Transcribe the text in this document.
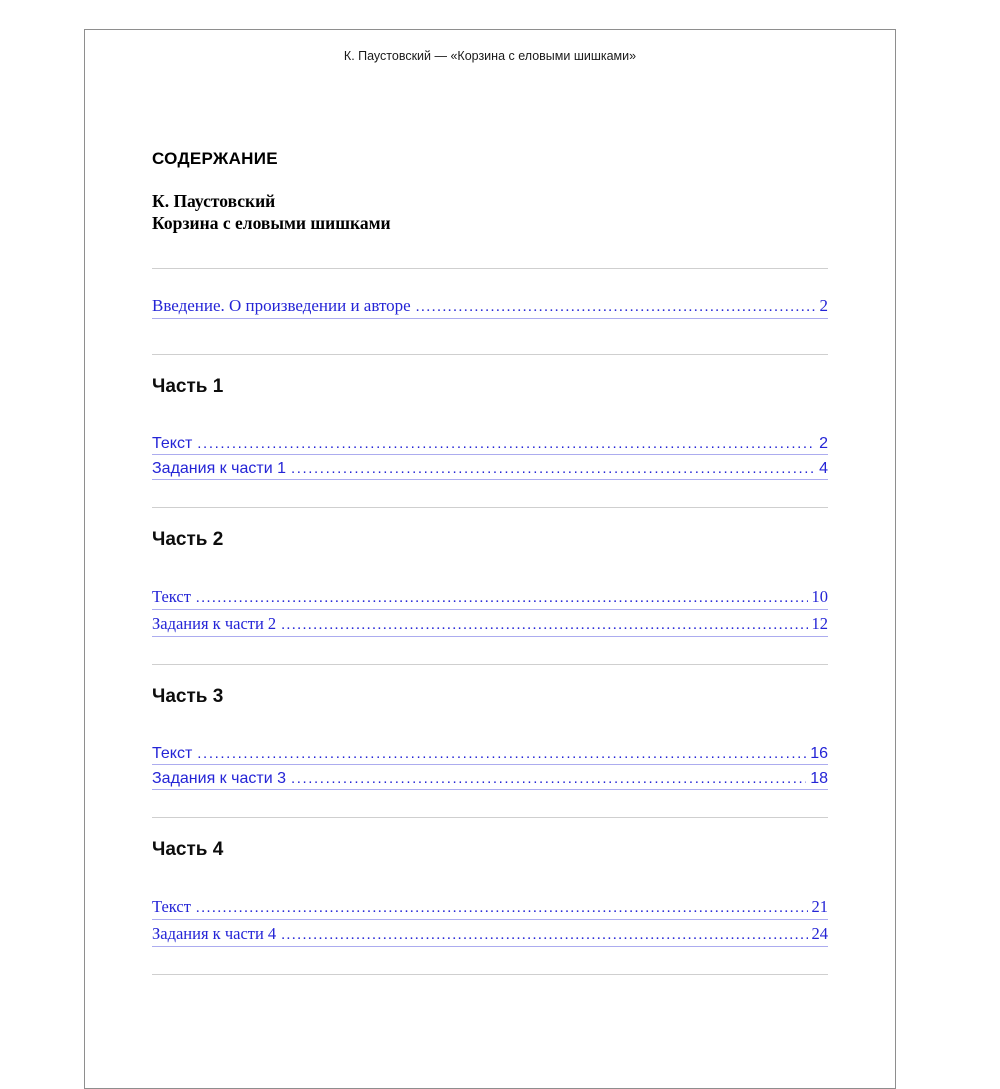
К. Паустовский — «Корзина с еловыми шишками»
СОДЕРЖАНИЕ
К. Паустовский
Корзина с еловыми шишками
Введение. О произведении и авторе .....	2
Часть 1
Текст .....	2
Задания к части 1 .....	4
Часть 2
Текст .....	10
Задания к части 2 .....	12
Часть 3
Текст .....	16
Задания к части 3 .....	18
Часть 4
Текст .....	21
Задания к части 4 .....	24
